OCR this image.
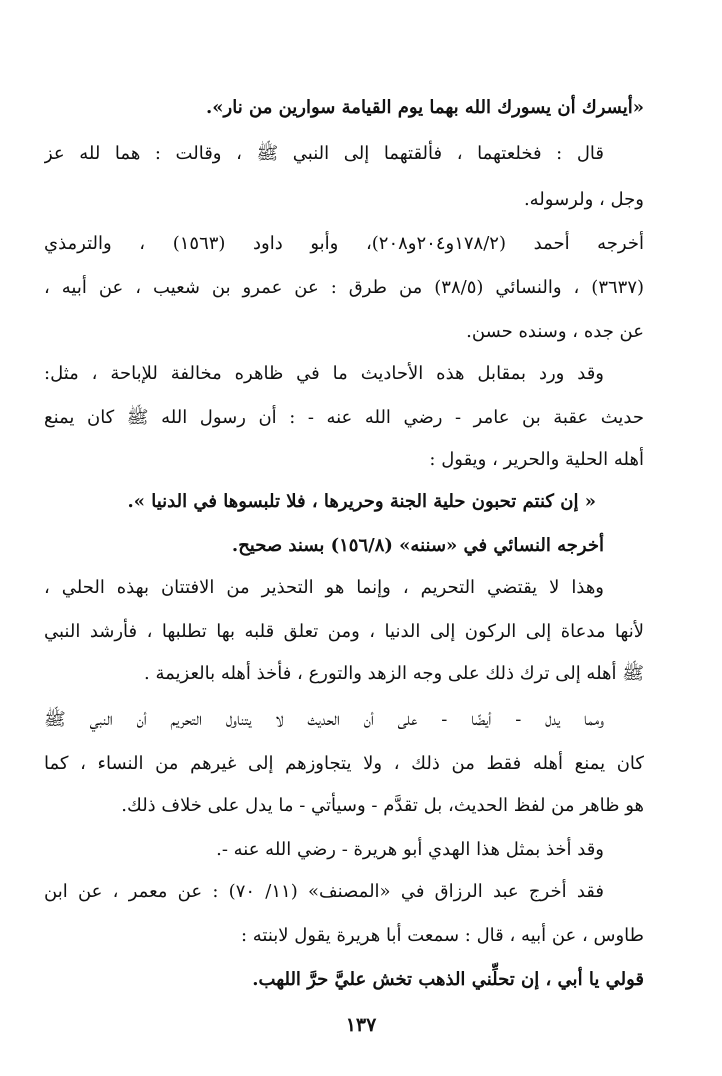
«أيسرك أن يسورك الله بهما يوم القيامة سوارين من نار».
قال : فخلعتهما ، فألقتهما إلى النبي ﷺ ، وقالت : هما لله عز
وجل ، ولرسوله.
أخرجه أحمد (١٧٨/٢و٢٠٤و٢٠٨)، وأبو داود (١٥٦٣) ، والترمذي
(٣٦٣٧) ، والنسائي (٣٨/٥) من طرق : عن عمرو بن شعيب ، عن أبيه ،
عن جده ، وسنده حسن.
وقد ورد بمقابل هذه الأحاديث ما في ظاهره مخالفة للإباحة ، مثل:
حديث عقبة بن عامر - رضي الله عنه - : أن رسول الله ﷺ كان يمنع
أهله الحلية والحرير ، ويقول :
« إن كنتم تحبون حلية الجنة وحريرها ، فلا تلبسوها في الدنيا ».
أخرجه النسائي في «سننه» (١٥٦/٨) بسند صحيح.
وهذا لا يقتضي التحريم ، وإنما هو التحذير من الافتتان بهذه الحلي ،
لأنها مدعاة إلى الركون إلى الدنيا ، ومن تعلق قلبه بها تطلبها ، فأرشد النبي
ﷺ أهله إلى ترك ذلك على وجه الزهد والتورع ، فأخذ أهله بالعزيمة .
ومما يدل - أيضًا - على أن الحديث لا يتناول التحريم أن النبي ﷺ
كان يمنع أهله فقط من ذلك ، ولا يتجاوزهم إلى غيرهم من النساء ، كما
هو ظاهر من لفظ الحديث، بل تقدَّم - وسيأتي - ما يدل على خلاف ذلك.
وقد أخذ بمثل هذا الهدي أبو هريرة - رضي الله عنه -.
فقد أخرج عبد الرزاق في «المصنف» (١١/ ٧٠) : عن معمر ، عن ابن
طاوس ، عن أبيه ، قال : سمعت أبا هريرة يقول لابنته :
قولي يا أبي ، إن تحلِّني الذهب تخش عليَّ حرَّ اللهب.
١٣٧
